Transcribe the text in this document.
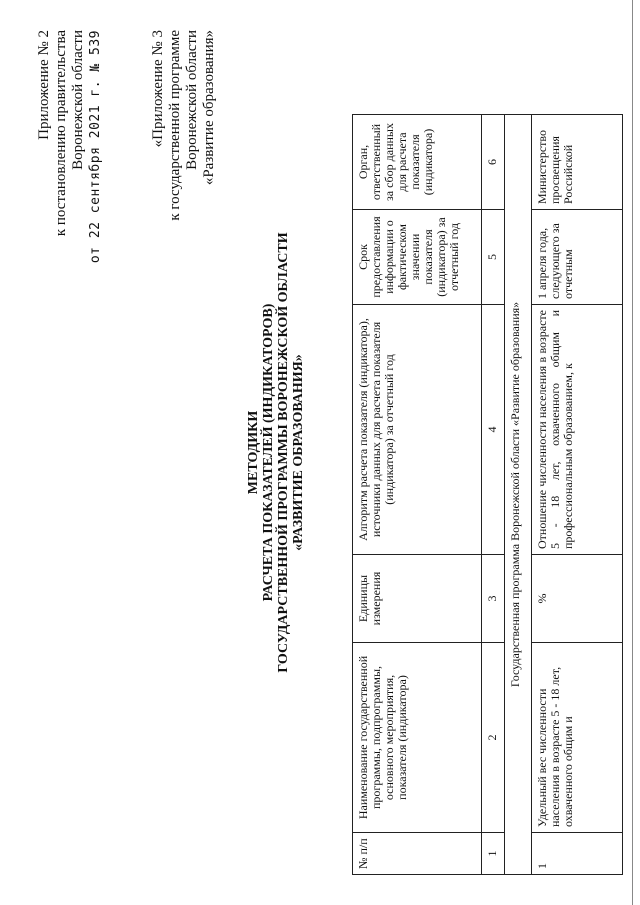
Приложение № 2 к постановлению правительства Воронежской области от 22 сентября 2021 г. № 539	«Приложение № 3 к государственной программе Воронежской области «Развитие образования»
МЕТОДИКИ РАСЧЕТА ПОКАЗАТЕЛЕЙ (ИНДИКАТОРОВ) ГОСУДАРСТВЕННОЙ ПРОГРАММЫ ВОРОНЕЖСКОЙ ОБЛАСТИ «РАЗВИТИЕ ОБРАЗОВАНИЯ»
№ п/п	Наименование государственной программы, подпрограммы, основного мероприятия, показателя (индикатора)	Единицы измерения	Алгоритм расчета показателя (индикатора), источники данных для расчета показателя (индикатора) за отчетный год	Срок предоставления информации о фактическом значении показателя (индикатора) за отчетный год	Орган, ответственный за сбор данных для расчета показателя (индикатора)
1	2	3	4	5	6
Государственная программа Воронежской области «Развитие образования»					
1	Удельный вес численности населения в возрасте 5 - 18 лет, охваченного общим и	%	Отношение численности населения в возрасте 5 - 18 лет, охваченного общим и профессиональным образованием, к	1 апреля года, следующего за отчетным	Министерство просвещения Российской
